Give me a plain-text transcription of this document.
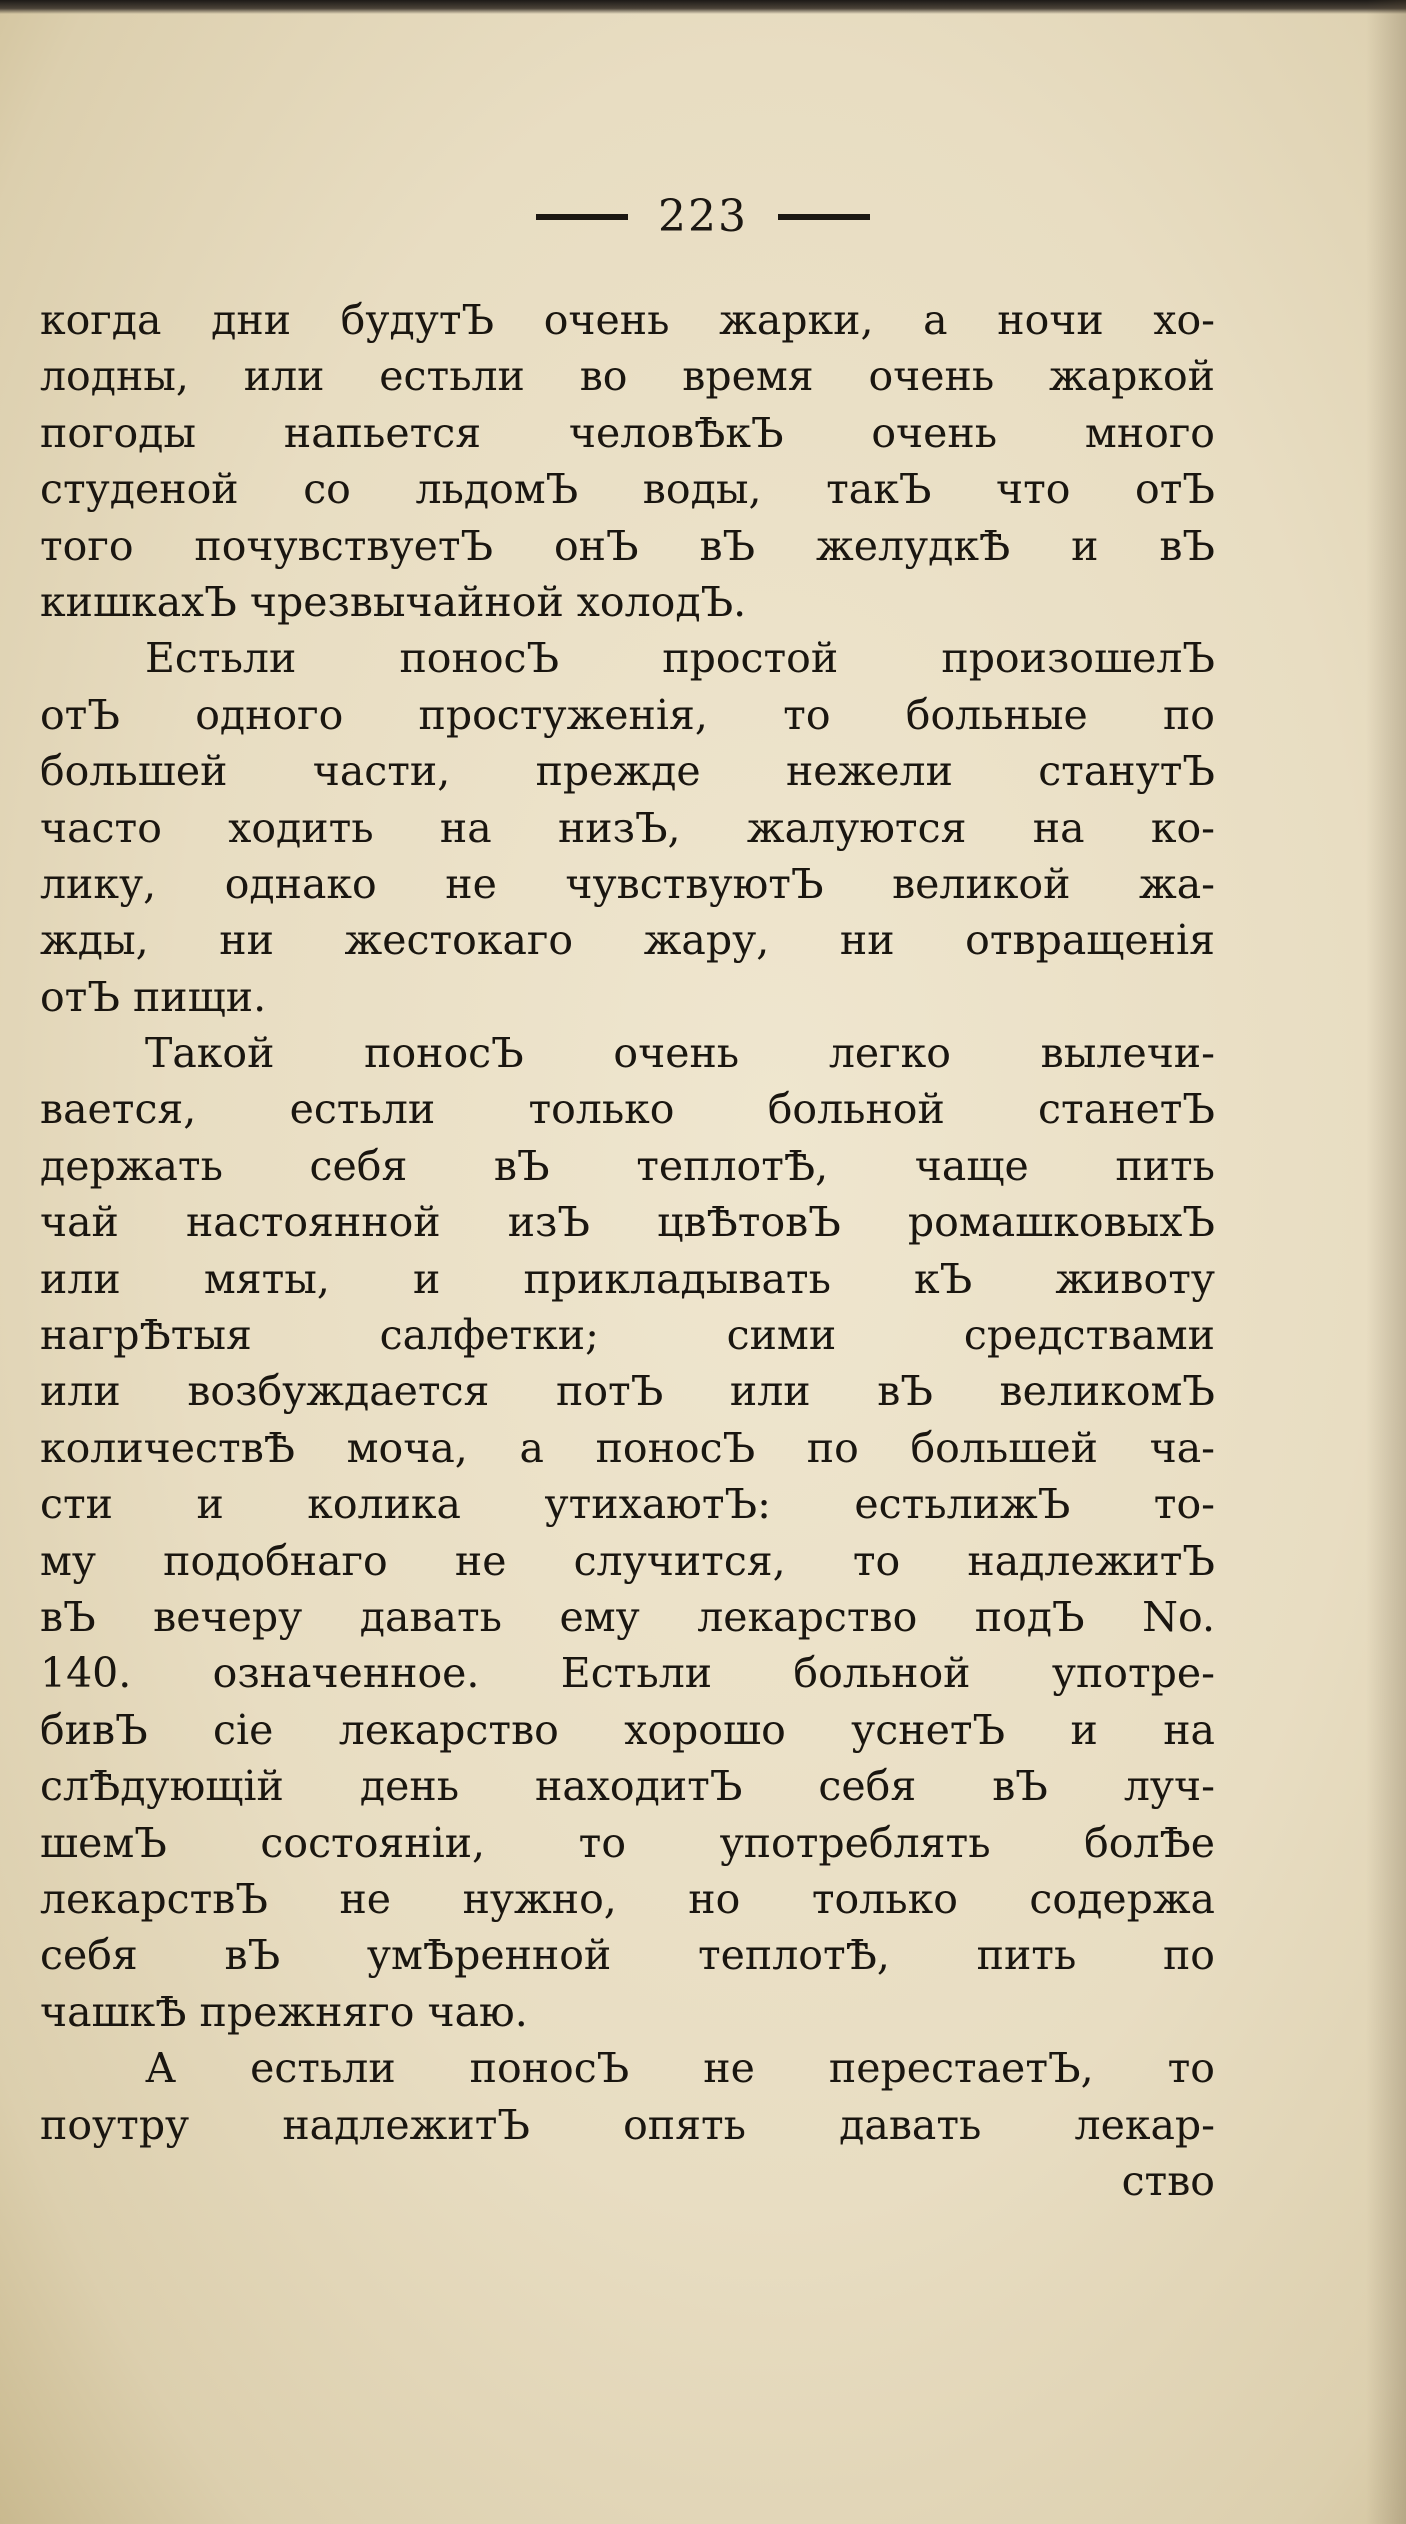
223
когда дни будутЪ очень жарки, а ночи хо-
лодны, или естьли во время очень жаркой
погоды напьется человѢкЪ очень много
студеной со льдомЪ воды, такЪ что отЪ
того почувствуетЪ онЪ вЪ желудкѢ и вЪ
кишкахЪ чрезвычайной холодЪ.
Естьли поносЪ простой произошелЪ
отЪ одного простуженія, то больные по
большей части, прежде нежели станутЪ
часто ходить на низЪ, жалуются на ко-
лику, однако не чувствуютЪ великой жа-
жды, ни жестокаго жару, ни отвращенія
отЪ пищи.
Такой поносЪ очень легко вылечи-
вается, естьли только больной станетЪ
держать себя вЪ теплотѢ, чаще пить
чай настоянной изЪ цвѢтовЪ ромашковыхЪ
или мяты, и прикладывать кЪ животу
нагрѢтыя салфетки; сими средствами
или возбуждается потЪ или вЪ великомЪ
количествѢ моча, а поносЪ по большей ча-
сти и колика утихаютЪ: естьлижЪ то-
му подобнаго не случится, то надлежитЪ
вЪ вечеру давать ему лекарство подЪ No.
140. означенное. Естьли больной употре-
бивЪ сіе лекарство хорошо уснетЪ и на
слѢдующій день находитЪ себя вЪ луч-
шемЪ состояніи, то употреблять болѢе
лекарствЪ не нужно, но только содержа
себя вЪ умѢренной теплотѢ, пить по
чашкѢ прежняго чаю.
А естьли поносЪ не перестаетЪ, то
поутру надлежитЪ опять давать лекар-
ство
